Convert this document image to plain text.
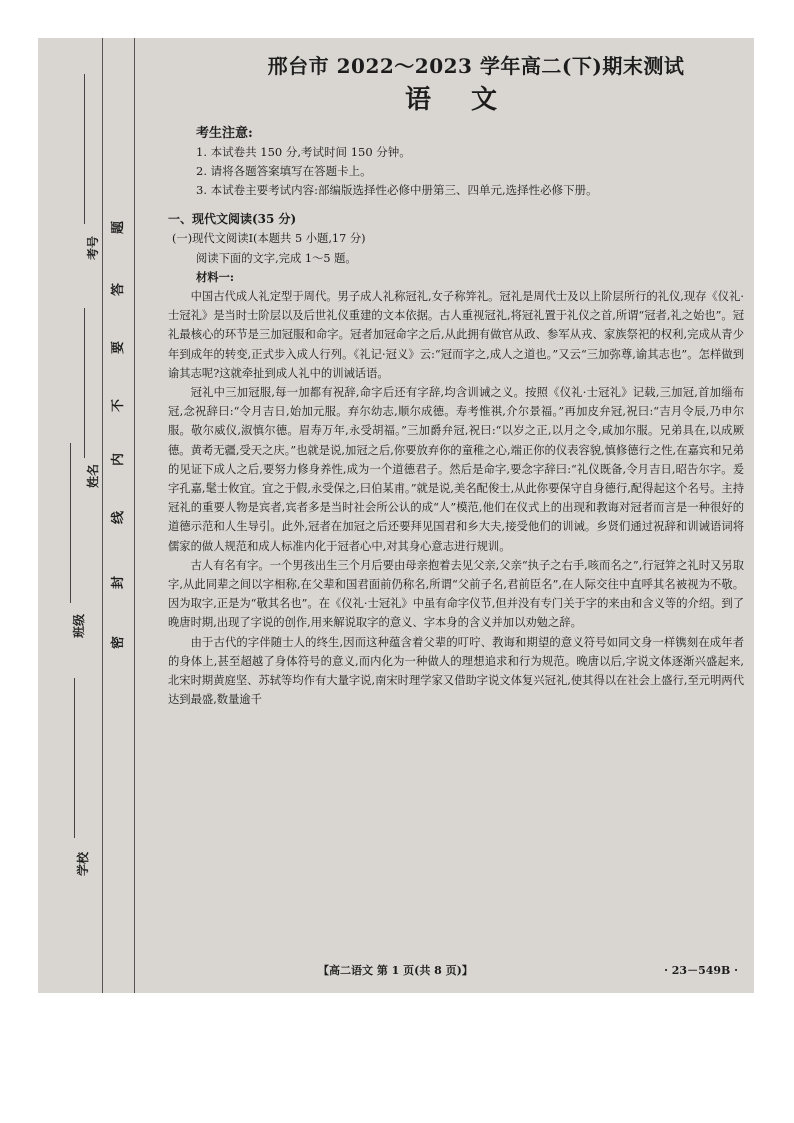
考号
姓名
班级
学校
密
封
线
内
不
要
答
题
邢台市 2022～2023 学年高二(下)期末测试
语文
考生注意:
1. 本试卷共 150 分,考试时间 150 分钟。
2. 请将各题答案填写在答题卡上。
3. 本试卷主要考试内容:部编版选择性必修中册第三、四单元,选择性必修下册。
一、现代文阅读(35 分)
(一)现代文阅读Ⅰ(本题共 5 小题,17 分)
阅读下面的文字,完成 1～5 题。
材料一:
中国古代成人礼定型于周代。男子成人礼称冠礼,女子称笄礼。冠礼是周代士及以上阶层所行的礼仪,现存《仪礼·士冠礼》是当时士阶层以及后世礼仪重建的文本依据。古人重视冠礼,将冠礼置于礼仪之首,所谓“冠者,礼之始也”。冠礼最核心的环节是三加冠服和命字。冠者加冠命字之后,从此拥有做官从政、参军从戎、家族祭祀的权利,完成从青少年到成年的转变,正式步入成人行列。《礼记·冠义》云:“冠而字之,成人之道也。”又云“三加弥尊,谕其志也”。怎样做到谕其志呢?这就牵扯到成人礼中的训诫话语。
冠礼中三加冠服,每一加都有祝辞,命字后还有字辞,均含训诫之义。按照《仪礼·士冠礼》记载,三加冠,首加缁布冠,念祝辞曰:“令月吉日,始加元服。弃尔幼志,顺尔成德。寿考惟祺,介尔景福。”再加皮弁冠,祝曰:“吉月令辰,乃申尔服。敬尔威仪,淑慎尔德。眉寿万年,永受胡福。”三加爵弁冠,祝曰:“以岁之正,以月之令,咸加尔服。兄弟具在,以成厥德。黄耇无疆,受天之庆。”也就是说,加冠之后,你要放弃你的童稚之心,端正你的仪表容貌,慎修德行之性,在嘉宾和兄弟的见证下成人之后,要努力修身养性,成为一个道德君子。然后是命字,要念字辞曰:“礼仪既备,令月吉日,昭告尔字。爰字孔嘉,髦士攸宜。宜之于假,永受保之,曰伯某甫。”就是说,美名配俊士,从此你要保守自身德行,配得起这个名号。主持冠礼的重要人物是宾者,宾者多是当时社会所公认的成“人”模范,他们在仪式上的出现和教诲对冠者而言是一种很好的道德示范和人生导引。此外,冠者在加冠之后还要拜见国君和乡大夫,接受他们的训诫。乡贤们通过祝辞和训诫语词将儒家的做人规范和成人标准内化于冠者心中,对其身心意志进行规训。
古人有名有字。一个男孩出生三个月后要由母亲抱着去见父亲,父亲“执子之右手,咳而名之”,行冠笄之礼时又另取字,从此同辈之间以字相称,在父辈和国君面前仍称名,所谓“父前子名,君前臣名”,在人际交往中直呼其名被视为不敬。因为取字,正是为“敬其名也”。在《仪礼·士冠礼》中虽有命字仪节,但并没有专门关于字的来由和含义等的介绍。到了晚唐时期,出现了字说的创作,用来解说取字的意义、字本身的含义并加以劝勉之辞。
由于古代的字伴随士人的终生,因而这种蕴含着父辈的叮咛、教诲和期望的意义符号如同文身一样镌刻在成年者的身体上,甚至超越了身体符号的意义,而内化为一种做人的理想追求和行为规范。晚唐以后,字说文体逐渐兴盛起来,北宋时期黄庭坚、苏轼等均作有大量字说,南宋时理学家又借助字说文体复兴冠礼,使其得以在社会上盛行,至元明两代达到最盛,数量逾千
【高二语文 第 1 页(共 8 页)】	· 23－549B ·
